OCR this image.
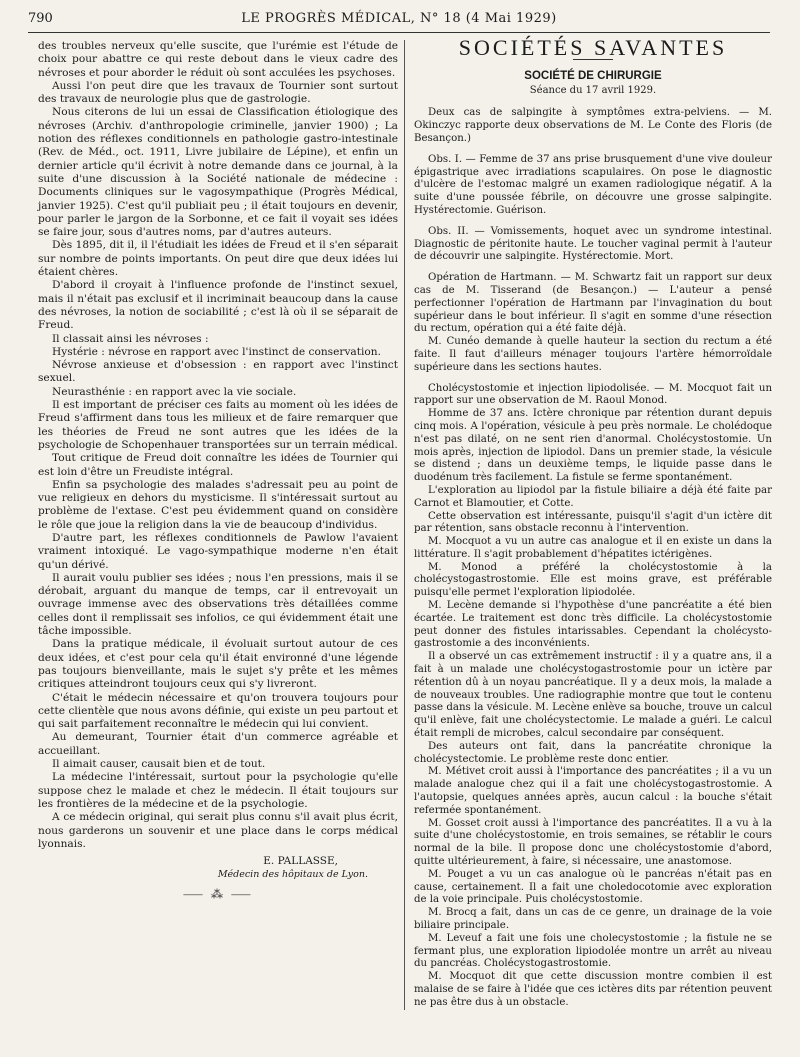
790	LE PROGRÈS MÉDICAL, N° 18 (4 Mai 1929)

des troubles nerveux qu'elle suscite, que l'urémie est l'étude de choix pour abattre ce qui reste debout dans le vieux cadre des névroses et pour aborder le réduit où sont acculées les psychoses.

Aussi l'on peut dire que les travaux de Tournier sont surtout des travaux de neurologie plus que de gastrologie.

Nous citerons de lui un essai de Classification étiologique des névroses (Archiv. d'anthropologie criminelle, janvier 1900) ; La notion des réflexes conditionnels en pathologie gastro-intestinale (Rev. de Méd., oct. 1911, Livre jubilaire de Lépine), et enfin un dernier article qu'il écrivit à notre demande dans ce journal, à la suite d'une discussion à la Société nationale de médecine : Documents cliniques sur le vagosympathique (Progrès Médical, janvier 1925). C'est qu'il publiait peu ; il était toujours en devenir, pour parler le jargon de la Sorbonne, et ce fait il voyait ses idées se faire jour, sous d'autres noms, par d'autres auteurs.

Dès 1895, dit il, il l'étudiait les idées de Freud et il s'en séparait sur nombre de points importants. On peut dire que deux idées lui étaient chères.

D'abord il croyait à l'influence profonde de l'instinct sexuel, mais il n'était pas exclusif et il incriminait beaucoup dans la cause des névroses, la notion de sociabilité ; c'est là où il se séparait de Freud.

Il classait ainsi les névroses :

Hystérie : névrose en rapport avec l'instinct de conservation.

Névrose anxieuse et d'obsession : en rapport avec l'instinct sexuel.

Neurasthénie : en rapport avec la vie sociale.

Il est important de préciser ces faits au moment où les idées de Freud s'affirment dans tous les milieux et de faire remarquer que les théories de Freud ne sont autres que les idées de la psychologie de Schopenhauer transportées sur un terrain médical.

Tout critique de Freud doit connaître les idées de Tournier qui est loin d'être un Freudiste intégral.

Enfin sa psychologie des malades s'adressait peu au point de vue religieux en dehors du mysticisme. Il s'intéressait surtout au problème de l'extase. C'est peu évidemment quand on considère le rôle que joue la religion dans la vie de beaucoup d'individus.

D'autre part, les réflexes conditionnels de Pawlow l'avaient vraiment intoxiqué. Le vago-sympathique moderne n'en était qu'un dérivé.

Il aurait voulu publier ses idées ; nous l'en pressions, mais il se dérobait, arguant du manque de temps, car il entrevoyait un ouvrage immense avec des observations très détaillées comme celles dont il remplissait ses infolios, ce qui évidemment était une tâche impossible.

Dans la pratique médicale, il évoluait surtout autour de ces deux idées, et c'est pour cela qu'il était environné d'une légende pas toujours bienveillante, mais le sujet s'y prête et les mêmes critiques atteindront toujours ceux qui s'y livreront.

C'était le médecin nécessaire et qu'on trouvera toujours pour cette clientèle que nous avons définie, qui existe un peu partout et qui sait parfaitement reconnaître le médecin qui lui convient.

Au demeurant, Tournier était d'un commerce agréable et accueillant.

Il aimait causer, causait bien et de tout.

La médecine l'intéressait, surtout pour la psychologie qu'elle suppose chez le malade et chez le médecin. Il était toujours sur les frontières de la médecine et de la psychologie.

A ce médecin original, qui serait plus connu s'il avait plus écrit, nous garderons un souvenir et une place dans le corps médical lyonnais.

E. PALLASSE,
Médecin des hôpitaux de Lyon.
⸺ ⁂ ⸺
SOCIÉTÉS SAVANTES
SOCIÉTÉ DE CHIRURGIE
Séance du 17 avril 1929.

Deux cas de salpingite à symptômes extra-pelviens. — M. Okinczyc rapporte deux observations de M. Le Conte des Floris (de Besançon.)

Obs. I. — Femme de 37 ans prise brusquement d'une vive douleur épigastrique avec irradiations scapulaires. On pose le diagnostic d'ulcère de l'estomac malgré un examen radiologique négatif. A la suite d'une poussée fébrile, on découvre une grosse salpingite. Hystérectomie. Guérison.

Obs. II. — Vomissements, hoquet avec un syndrome intestinal. Diagnostic de péritonite haute. Le toucher vaginal permit à l'auteur de découvrir une salpingite. Hystérectomie. Mort.

Opération de Hartmann. — M. Schwartz fait un rapport sur deux cas de M. Tisserand (de Besançon.) — L'auteur a pensé perfectionner l'opération de Hartmann par l'invagination du bout supérieur dans le bout inférieur. Il s'agit en somme d'une résection du rectum, opération qui a été faite déjà.

M. Cunéo demande à quelle hauteur la section du rectum a été faite. Il faut d'ailleurs ménager toujours l'artère hémorroïdale supérieure dans les sections hautes.

Cholécystostomie et injection lipiodolisée. — M. Mocquot fait un rapport sur une observation de M. Raoul Monod.

Homme de 37 ans. Ictère chronique par rétention durant depuis cinq mois. A l'opération, vésicule à peu près normale. Le cholédoque n'est pas dilaté, on ne sent rien d'anormal. Cholécystostomie. Un mois après, injection de lipiodol. Dans un premier stade, la vésicule se distend ; dans un deuxième temps, le liquide passe dans le duodénum très facilement. La fistule se ferme spontanément.

L'exploration au lipiodol par la fistule biliaire a déjà été faite par Carnot et Blamoutier, et Cotte.

Cette observation est intéressante, puisqu'il s'agit d'un ictère dit par rétention, sans obstacle reconnu à l'intervention.

M. Mocquot a vu un autre cas analogue et il en existe un dans la littérature. Il s'agit probablement d'hépatites ictérigènes.

M. Monod a préféré la cholécystostomie à la cholécystogastrostomie. Elle est moins grave, est préférable puisqu'elle permet l'exploration lipiodolée.

M. Lecène demande si l'hypothèse d'une pancréatite a été bien écartée. Le traitement est donc très difficile. La cholécystostomie peut donner des fistules intarissables. Cependant la cholécysto-gastrostomie a des inconvénients.

Il a observé un cas extrêmement instructif : il y a quatre ans, il a fait à un malade une cholécystogastrostomie pour un ictère par rétention dû à un noyau pancréatique. Il y a deux mois, la malade a de nouveaux troubles. Une radiographie montre que tout le contenu passe dans la vésicule. M. Lecène enlève sa bouche, trouve un calcul qu'il enlève, fait une cholécystectomie. Le malade a guéri. Le calcul était rempli de microbes, calcul secondaire par conséquent.

Des auteurs ont fait, dans la pancréatite chronique la cholécystectomie. Le problème reste donc entier.

M. Métivet croit aussi à l'importance des pancréatites ; il a vu un malade analogue chez qui il a fait une cholécystogastrostomie. A l'autopsie, quelques années après, aucun calcul : la bouche s'était refermée spontanément.

M. Gosset croit aussi à l'importance des pancréatites. Il a vu à la suite d'une cholécystostomie, en trois semaines, se rétablir le cours normal de la bile. Il propose donc une cholécystostomie d'abord, quitte ultérieurement, à faire, si nécessaire, une anastomose.

M. Pouget a vu un cas analogue où le pancréas n'était pas en cause, certainement. Il a fait une choledocotomie avec exploration de la voie principale. Puis cholécystostomie.

M. Brocq a fait, dans un cas de ce genre, un drainage de la voie biliaire principale.

M. Leveuf a fait une fois une cholecystostomie ; la fistule ne se fermant plus, une exploration lipiodolée montre un arrêt au niveau du pancréas. Cholécystogastrostomie.

M. Mocquot dit que cette discussion montre combien il est malaise de se faire à l'idée que ces ictères dits par rétention peuvent ne pas être dus à un obstacle.
